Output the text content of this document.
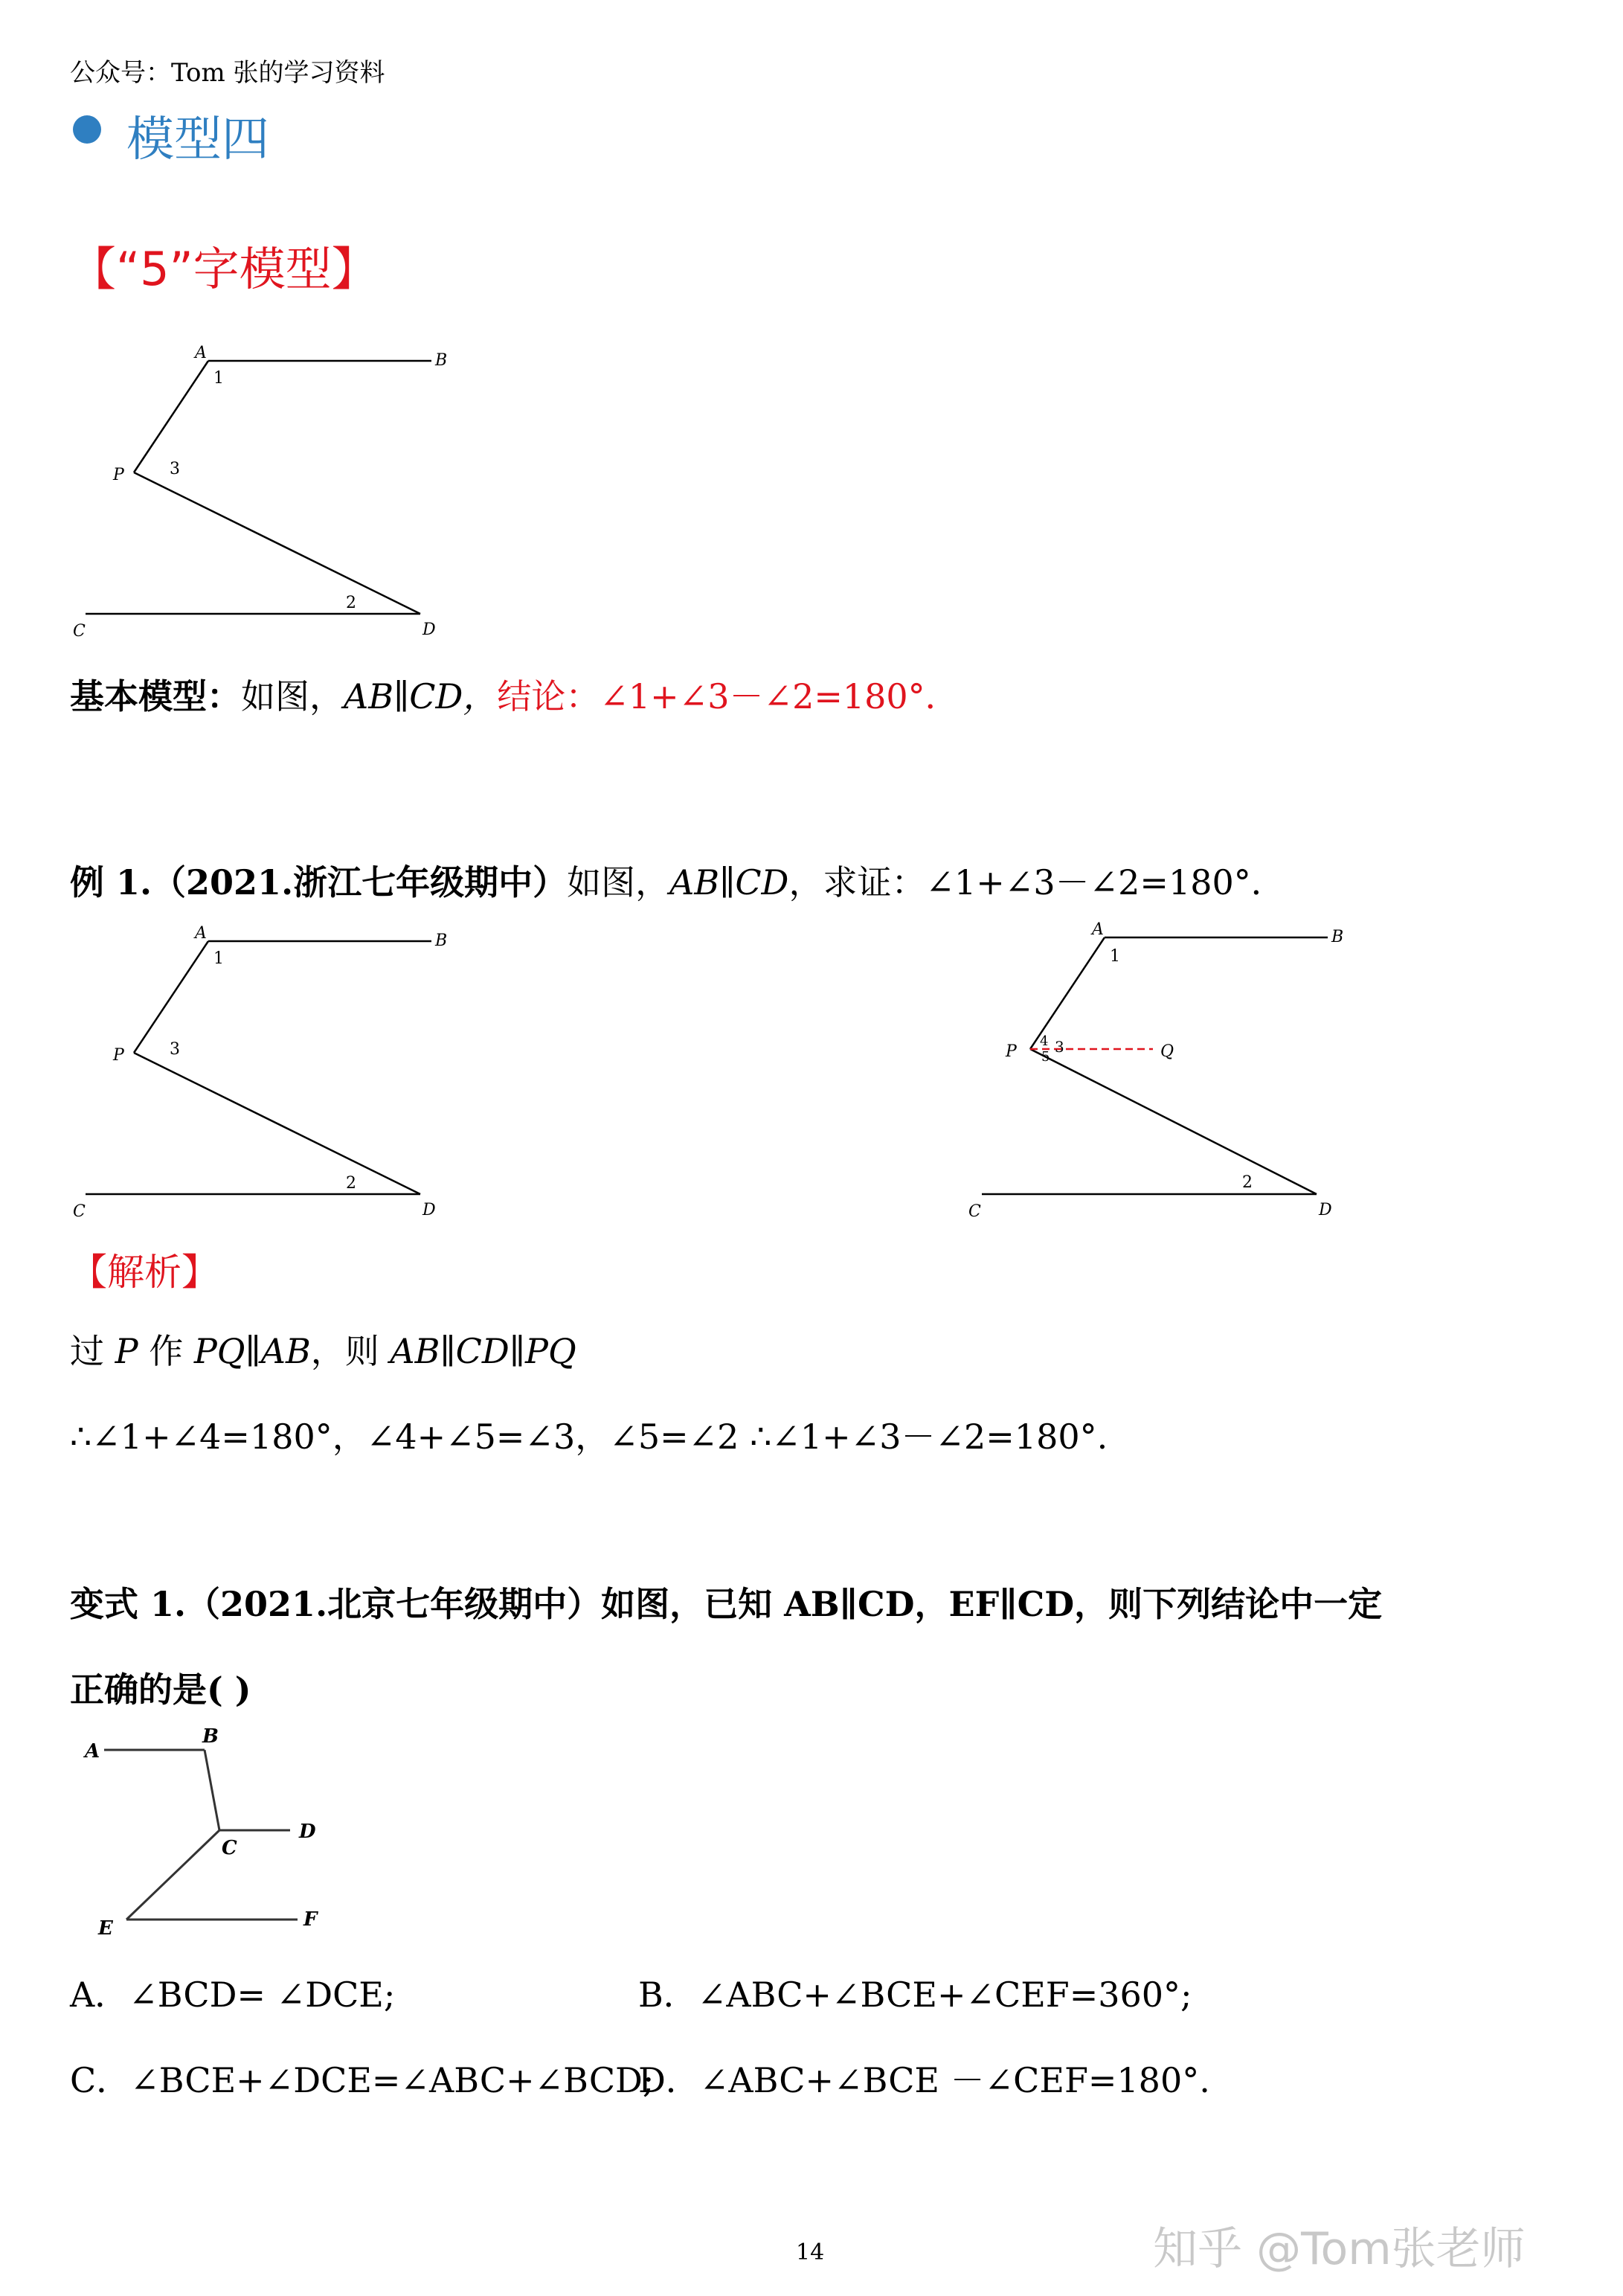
公众号：Tom 张的学习资料
模型四
【“5”字模型】
A	B
P
C	D
1
3
2
基本模型：如图，AB∥CD，结论：∠1+∠3－∠2=180°．
例 1.（2021.浙江七年级期中）如图，AB∥CD，求证：∠1+∠3－∠2=180°．
A	B
P
C	D
1
3
2
A	B
P	Q
C	D
1
4 3
5
2
【解析】
过 P 作 PQ∥AB，则 AB∥CD∥PQ
∴∠1+∠4=180°，∠4+∠5=∠3，∠5=∠2 ∴∠1+∠3－∠2=180°.
变式 1.（2021.北京七年级期中）如图，已知 AB∥CD，EF∥CD，则下列结论中一定
正确的是( )
A
B
C
D
E	F
A．∠BCD= ∠DCE;	B．∠ABC+∠BCE+∠CEF=360°;
C．∠BCE+∠DCE=∠ABC+∠BCD;
D．∠ABC+∠BCE －∠CEF=180°.
14	知乎 @Tom张老师
